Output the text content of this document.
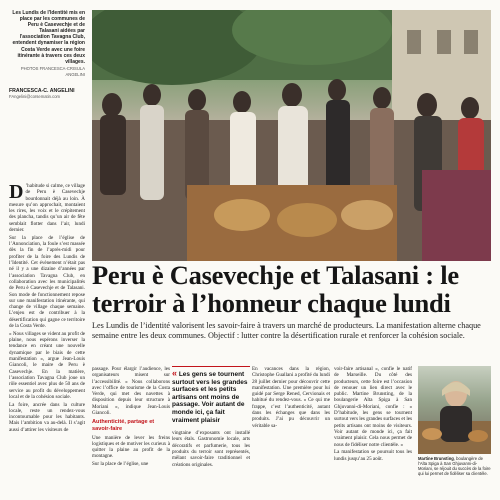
Les Lundis de l'Identité mis en place par les communes de Peru è Casevechje et de Talasani aidées par l'association Tavagna Club, entendent dynamiser la région Costa Verde avec une foire itinérante à travers ces deux villages.
PHOTOS FRANCESCA-CRISULA ANGELINI
FRANCESCA-C. ANGELINI
FAngelini@corsematin.com
Peru è Casevechje et Talasani : le terroir à l’honneur chaque lundi

Les Lundis de l’identité valorisent les savoir-faire à travers un marché de producteurs. La manifestation alterne chaque semaine entre les deux communes. Objectif : lutter contre la désertification rurale et renforcer la cohésion sociale.

D ’habitude si calme, ce village de Peru è Casevechje bourdonnait déjà au loin. À mesure qu’on approchait, montaient les rires, les voix et le crépitement des plancha, tandis qu’un air de fête semblait flotter dans l’air, lundi dernier.

Sur la place de l’église de l’Annonciation, la foule s’est massée dès la fin de l’après-midi pour profiter de la foire des Lundis de l’Identité. Cet évènement n’était pas né il y a une dizaine d’années par l’association Tavagna Club, en collaboration avec les municipalités de Peru è Casevechje et de Talasani. Son mode de fonctionnement repose sur une manifestation itinérante, qui change de village chaque semaine. L’enjeu est de contribuer à la désertification qui gagne ce territoire de la Costa Verde.

« Nous villages se vident au profit de plaine, nous espérons inverser la tendance en créant une nouvelle dynamique par le biais de cette manifestation », argue Jean-Louis Giancoli, le maire de Peru è Casevechje. En la matière, l’association Tavagna Club joue un rôle essentiel avec plus de 50 ans de service au profit du développement local et de la cohésion sociale.

La foire, ancrée dans la culture locale, reste un rendez-vous incontournable pour les habitants. Mais l’ambition va au-delà. Il s’agit aussi d’attirer les visiteurs de

passage. Pour élargir l’audience, les organisateurs misent sur l’accessibilité. « Nous collaborons avec l’office de tourisme de la Costa Verde, qui met des navettes à disposition depuis leur structure à Moriani », indique Jean-Louis Giancoli.

Authenticité, partage et savoir-faire

Une manière de lever les freins logistiques et de motiver les curieux à quitter la plaine au profit de la montagne.

Sur la place de l’église, une

« Les gens se tournent surtout vers les grandes surfaces et les petits artisans ont moins de passage. Voir autant de monde ici, ça fait vraiment plaisir

vingtaine d’exposants ont installé leurs étals. Gastronomie locale, arts décoratifs et parfumerie, tous les produits du terroir sont représentés, mêlant savoir-faire traditionnel et créations originales.

En vacances dans la région, Christophe Guallani a profité du lundi 28 juillet dernier pour découvrir cette manifestation. Une première pour lui guidé par Serge Rened, Cervionais et habitué du rendez-vous. « Ce qui me frappe, c’est l’authenticité, autant dans les échanges que dans les produits. J’ai pu découvrir un véritable sa-

voir-faire artisanal », confie le natif de Marseille. Du côté des producteurs, cette foire est l’occasion de renouer un lien direct avec le public. Martine Brunsting, de la boulangerie Alta Spiga à San Ghjuvanni-di-Moriani, confie : « D’habitude, les gens se tournent surtout vers les grandes surfaces et les petits artisans ont moins de visiteurs. Voir autant de monde ici, ça fait vraiment plaisir. Cela nous permet de nous de fidéliser notre clientèle. »

La manifestation se poursuit tous les lundis jusqu’au 25 août.	Martine Brunsting, boulangère de l’Alta Spiga à San Ghjuvanni-di-Moriani, se réjouit du succès de la foire qui lui permet de fidéliser sa clientèle.
